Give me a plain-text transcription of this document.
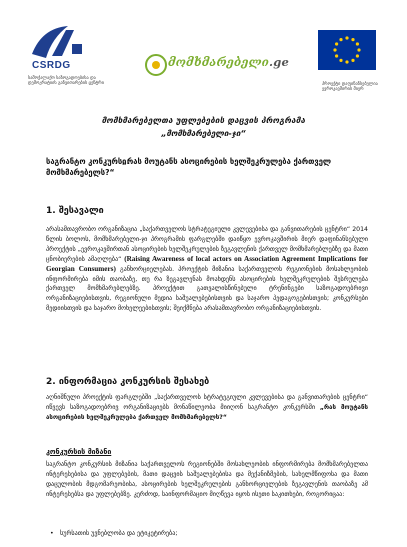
CSRDG
სამოქალაქო საზოგადოებისა და დემოკრატიის განვითარების ცენტრი
მომხმარებელი.ge
პროექტი დაფინანსებულია ევროკავშირის მიერ
მომხმარებელთა უფლებების დაცვის პროგრამა
„მომხმარებელი-ჯი“
საგრანტო კონკურსი:
„რას მოუტანს ასოცირების ხელშეკრულება ქართველ
მომხმარებელს?“
1. შესავალი
არასამთავრობო ორგანიზაცია „საქართველოს სტრატეგიული კვლევებისა და განვითარების ცენტრი“ 2014 წლის ბოლოს, მომხმარებელი-ჯი პროგრამის ფარგლებში დაიწყო ევროკავშირის მიერ დაფინანსებული პროექტის „ევროკავშირთან ასოცირების ხელშეკრულების ზეგავლენის ქართველ მომხმარებლებზე და მათი ცნობიერების ამაღლება“ (Raising Awareness of local actors on Association Agreement Implications for Georgian Consumers) განხორციელებას. პროექტის მიზანია საქართველოს რეგიონების მოსახლეობის ინფორმირება იმის თაობაზე, თუ რა ზეგავლენას მოახდენს ასოცირების ხელშეკრულების შესრულება ქართველ მომხმარებლებზე. პროექტით გათვალისწინებული ტრენინგები საზოგადოებრივი ორგანიზაციებისთვის, რეგიონული მედია საშუალებებისთვის და საჯარო პედაგოგებისთვის; კონკურსები მედიისთვის და საჯარო მოხელეებისთვის; შეიქმნება არასამთავრობო ორგანიზაციებისთვის.
2. ინფორმაცია კონკურსის შესახებ
აღნიშნული პროექტის ფარგლებში „საქართველოს სტრატეგიული კვლევებისა და განვითარების ცენტრი“ იწვევს საზოგადოებრივ ორგანიზაციებს მონაწილეობა მიიღონ საგრანტო კონკურსში „რას მოუტანს ასოცირების ხელშეკრულება ქართველ მომხმარებელს?“
კონკურსის მიზანი
საგრანტო კონკურსის მიზანია საქართველოს რეგიონებში მოსახლეობის ინფორმირება მომხმარებელთა ინტერესებისა და უფლებების, მათი დაცვის საშუალებებისა და მექანიზმების, სახელმწიფოსა და მათი დაცულობის მდგომარეობისა, ასოცირების ხელშეკრულების განხორციელების ზეგავლენის თაობაზე ამ ინტერესებსა და უფლებებზე. კერძოდ, საინფორმაციო მიღწევა იყოს ისეთი საკითხები, როგორიცაა:
• სურსათის უვნებლობა და ეტიკეტირება;
